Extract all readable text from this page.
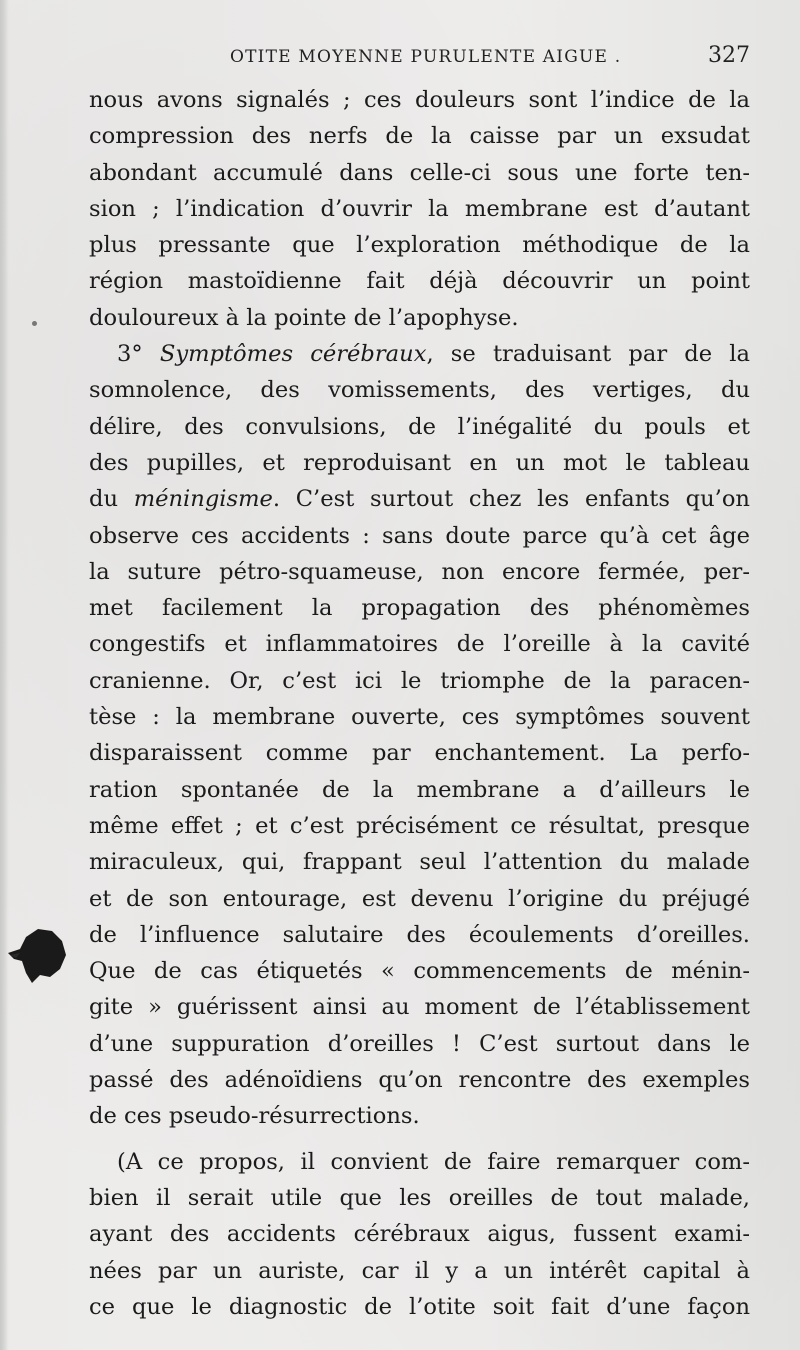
OTITE MOYENNE PURULENTE AIGUE .	327
nous avons signalés ; ces douleurs sont l’indice de la
compression des nerfs de la caisse par un exsudat
abondant accumulé dans celle-ci sous une forte ten-
sion ; l’indication d’ouvrir la membrane est d’autant
plus pressante que l’exploration méthodique de la
région mastoïdienne fait déjà découvrir un point
douloureux à la pointe de l’apophyse.
3° Symptômes cérébraux, se traduisant par de la
somnolence, des vomissements, des vertiges, du
délire, des convulsions, de l’inégalité du pouls et
des pupilles, et reproduisant en un mot le tableau
du méningisme. C’est surtout chez les enfants qu’on
observe ces accidents : sans doute parce qu’à cet âge
la suture pétro-squameuse, non encore fermée, per-
met facilement la propagation des phénomèmes
congestifs et inflammatoires de l’oreille à la cavité
cranienne. Or, c’est ici le triomphe de la paracen-
tèse : la membrane ouverte, ces symptômes souvent
disparaissent comme par enchantement. La perfo-
ration spontanée de la membrane a d’ailleurs le
même effet ; et c’est précisément ce résultat, presque
miraculeux, qui, frappant seul l’attention du malade
et de son entourage, est devenu l’origine du préjugé
de l’influence salutaire des écoulements d’oreilles.
Que de cas étiquetés « commencements de ménin-
gite » guérissent ainsi au moment de l’établissement
d’une suppuration d’oreilles ! C’est surtout dans le
passé des adénoïdiens qu’on rencontre des exemples
de ces pseudo-résurrections.
(A ce propos, il convient de faire remarquer com-
bien il serait utile que les oreilles de tout malade,
ayant des accidents cérébraux aigus, fussent exami-
nées par un auriste, car il y a un intérêt capital à
ce que le diagnostic de l’otite soit fait d’une façon
